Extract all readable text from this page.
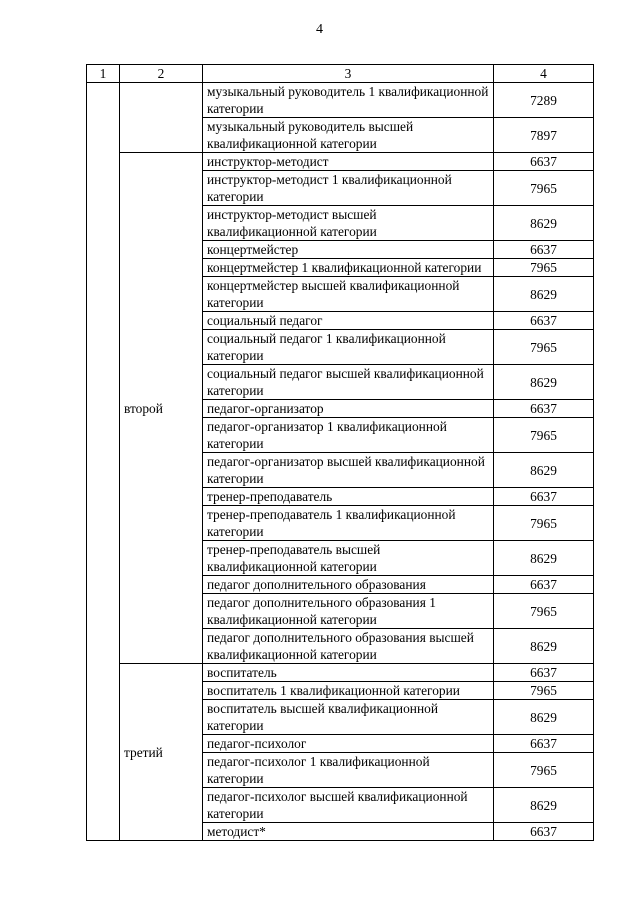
4
1	2	3	4
		музыкальный руководитель 1 квалификационной категории	7289
		музыкальный руководитель высшей квалификационной категории	7897
	второй	инструктор-методист	6637
		инструктор-методист 1 квалификационной категории	7965
		инструктор-методист высшей квалификационной категории	8629
		концертмейстер	6637
		концертмейстер 1 квалификационной категории	7965
		концертмейстер высшей квалификационной категории	8629
		социальный педагог	6637
		социальный педагог 1 квалификационной категории	7965
		социальный педагог высшей квалификационной категории	8629
		педагог-организатор	6637
		педагог-организатор 1 квалификационной категории	7965
		педагог-организатор высшей квалификационной категории	8629
		тренер-преподаватель	6637
		тренер-преподаватель 1 квалификационной категории	7965
		тренер-преподаватель высшей квалификационной категории	8629
		педагог дополнительного образования	6637
		педагог дополнительного образования 1 квалификационной категории	7965
		педагог дополнительного образования высшей квалификационной категории	8629
	третий	воспитатель	6637
		воспитатель 1 квалификационной категории	7965
		воспитатель высшей квалификационной категории	8629
		педагог-психолог	6637
		педагог-психолог 1 квалификационной категории	7965
		педагог-психолог высшей квалификационной категории	8629
		методист*	6637
